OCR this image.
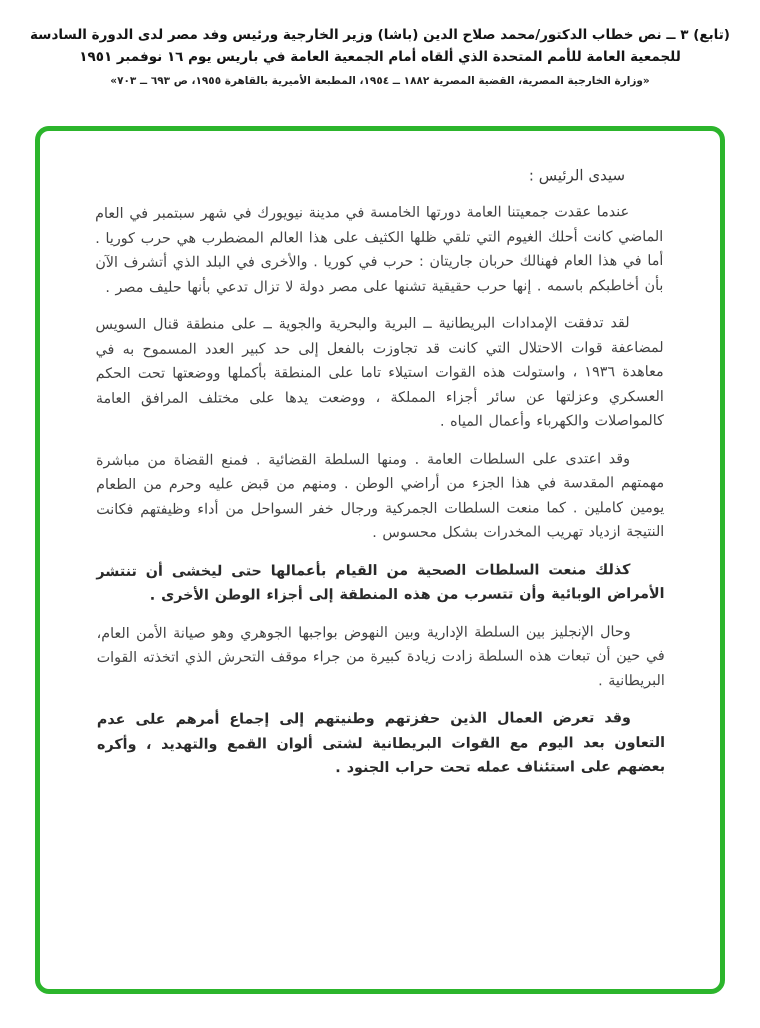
(تابع) ٣ ــ نص خطاب الدكتور/محمد صلاح الدين (باشا) وزير الخارجية ورئيس وفد مصر لدى الدورة السادسة
للجمعية العامة للأمم المتحدة الذي ألقاه أمام الجمعية العامة في باريس يوم ١٦ نوفمبر ١٩٥١
«وزارة الخارجية المصرية، القضية المصرية ١٨٨٢ ــ ١٩٥٤، المطبعة الأميرية بالقاهرة ١٩٥٥، ص ٦٩٣ ــ ٧٠٣»
سيدى الرئيس :

عندما عقدت جمعيتنا العامة دورتها الخامسة في مدينة نيويورك في شهر سبتمبر في العام الماضي كانت أحلك الغيوم التي تلقي ظلها الكثيف على هذا العالم المضطرب هي حرب كوريا . أما في هذا العام فهنالك حربان جاريتان : حرب في كوريا . والأخرى في البلد الذي أتشرف الآن بأن أخاطبكم باسمه . إنها حرب حقيقية تشنها على مصر دولة لا تزال تدعي بأنها حليف مصر .

لقد تدفقت الإمدادات البريطانية ــ البرية والبحرية والجوية ــ على منطقة قنال السويس لمضاعفة قوات الاحتلال التي كانت قد تجاوزت بالفعل إلى حد كبير العدد المسموح به في معاهدة ١٩٣٦ ، واستولت هذه القوات استيلاء تاما على المنطقة بأكملها ووضعتها تحت الحكم العسكري وعزلتها عن سائر أجزاء المملكة ، ووضعت يدها على مختلف المرافق العامة كالمواصلات والكهرباء وأعمال المياه .

وقد اعتدى على السلطات العامة . ومنها السلطة القضائية . فمنع القضاة من مباشرة مهمتهم المقدسة في هذا الجزء من أراضي الوطن . ومنهم من قبض عليه وحرم من الطعام يومين كاملين . كما منعت السلطات الجمركية ورجال خفر السواحل من أداء وظيفتهم فكانت النتيجة ازدياد تهريب المخدرات بشكل محسوس .

كذلك منعت السلطات الصحية من القيام بأعمالها حتى ليخشى أن تنتشر الأمراض الوبائية وأن تتسرب من هذه المنطقة إلى أجزاء الوطن الأخرى .

وحال الإنجليز بين السلطة الإدارية وبين النهوض بواجبها الجوهري وهو صيانة الأمن العام، في حين أن تبعات هذه السلطة زادت زيادة كبيرة من جراء موقف التحرش الذي اتخذته القوات البريطانية .

وقد تعرض العمال الذين حفزتهم وطنيتهم إلى إجماع أمرهم على عدم التعاون بعد اليوم مع القوات البريطانية لشتى ألوان القمع والتهديد ، وأكره بعضهم على استئناف عمله تحت حراب الجنود .
